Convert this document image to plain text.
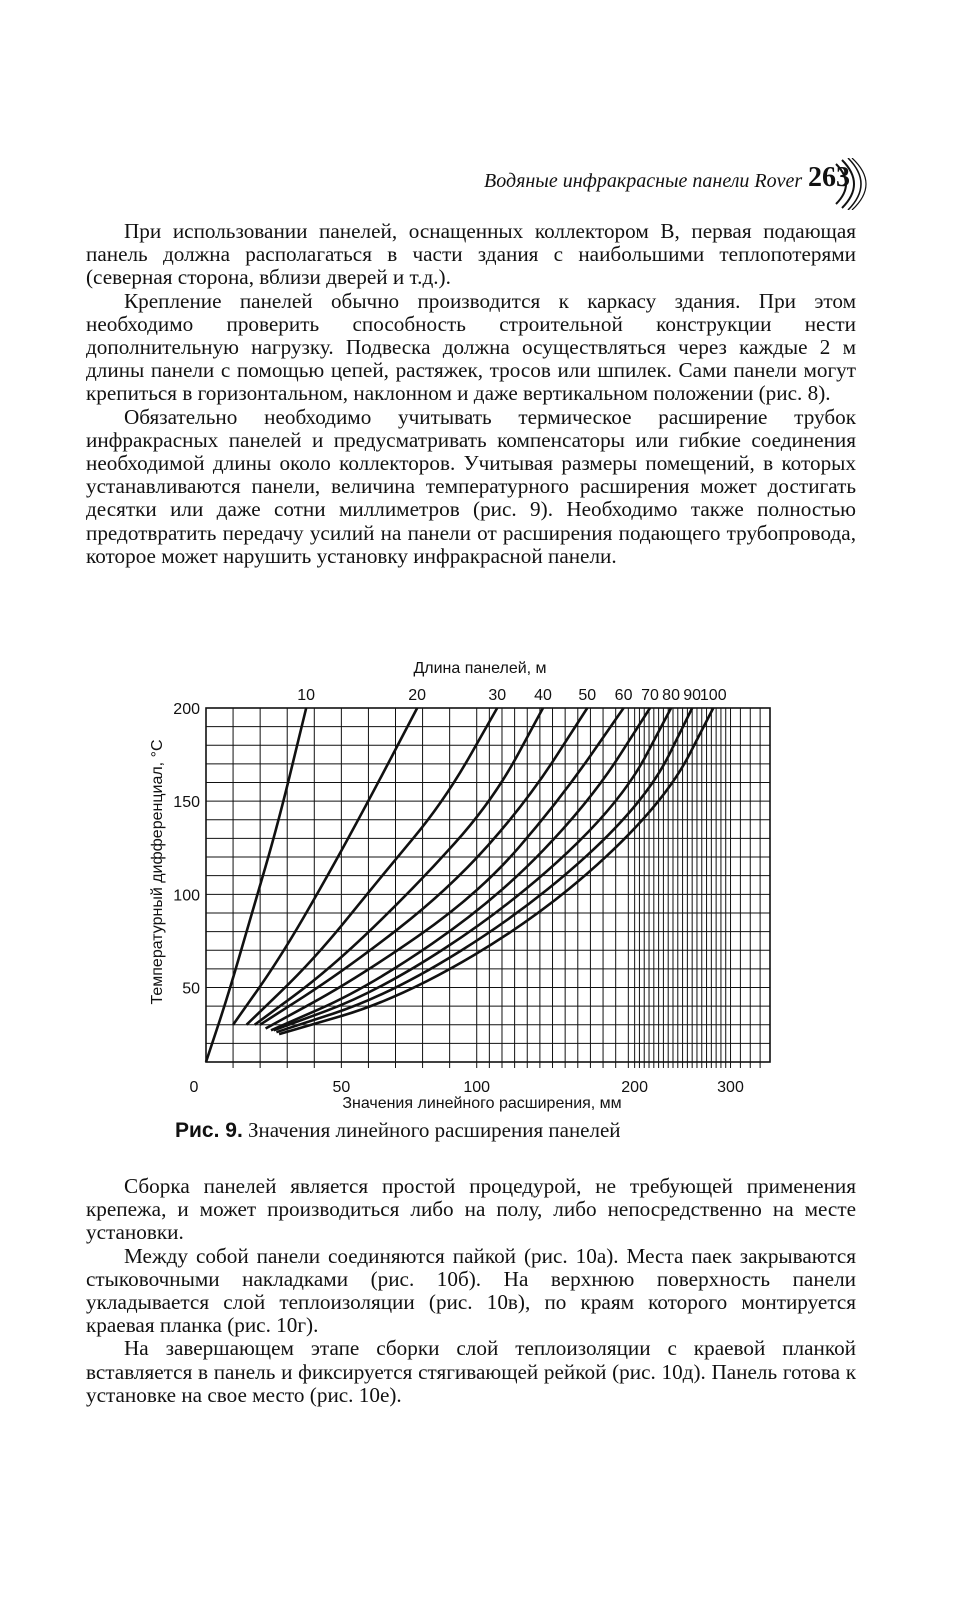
Водяные инфракрасные панели Rover 263

При использовании панелей, оснащенных коллектором В, первая подающая панель должна располагаться в части здания с наибольшими теплопотерями (северная сторона, вблизи дверей и т.д.).

Крепление панелей обычно производится к каркасу здания. При этом необходимо проверить способность строительной конструкции нести дополнительную нагрузку. Подвеска должна осуществляться через каждые 2 м длины панели с помощью цепей, растяжек, тросов или шпилек. Сами панели могут крепиться в горизонтальном, наклонном и даже вертикальном положении (рис. 8).

Обязательно необходимо учитывать термическое расширение трубок инфракрасных панелей и предусматривать компенсаторы или гибкие соединения необходимой длины около коллекторов. Учитывая размеры помещений, в которых устанавливаются панели, величина температурного расширения может достигать десятки или даже сотни миллиметров (рис. 9). Необходимо также полностью предотвратить передачу усилий на панели от расширения подающего трубопровода, которое может нарушить установку инфракрасной панели.

Длина панелей, м
Значения линейного расширения, мм
Температурный дифференциал, °С
10	20	30 40 50 60 70 80 90
100
0	50	100	200	300
200
150
100
50
Рис. 9. Значения линейного расширения панелей

Сборка панелей является простой процедурой, не требующей применения крепежа, и может производиться либо на полу, либо непосредственно на месте установки.

Между собой панели соединяются пайкой (рис. 10а). Места паек закрываются стыковочными накладками (рис. 10б). На верхнюю поверхность панели укладывается слой теплоизоляции (рис. 10в), по краям которого монтируется краевая планка (рис. 10г).

На завершающем этапе сборки слой теплоизоляции с краевой планкой вставляется в панель и фиксируется стягивающей рейкой (рис. 10д). Панель готова к установке на свое место (рис. 10е).
